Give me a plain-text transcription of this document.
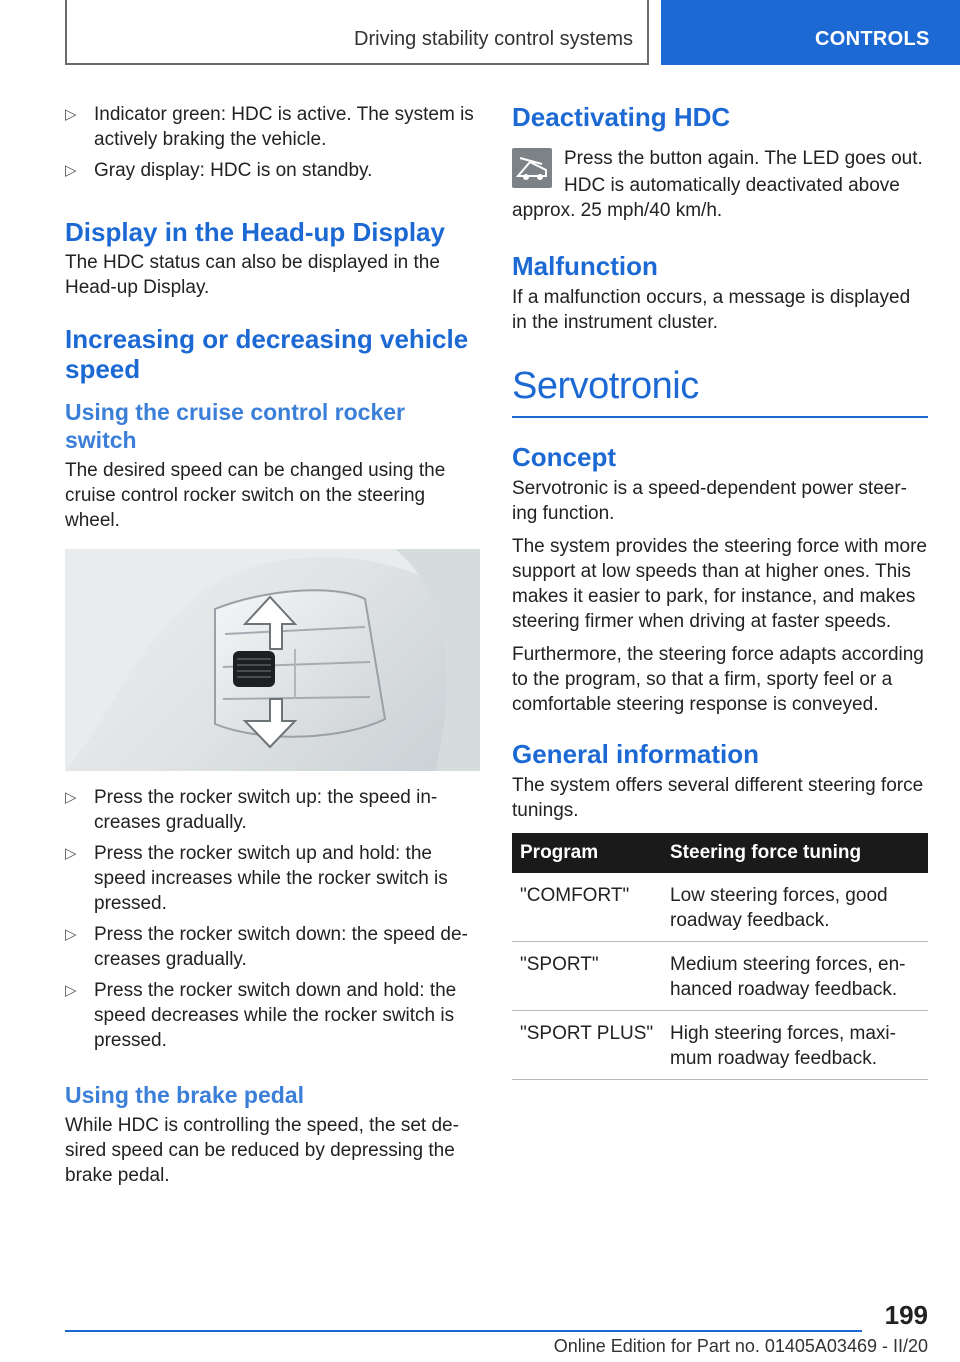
Driving stability control systems	CONTROLS
▷ Indicator green: HDC is active. The system is actively braking the vehicle.
▷ Gray display: HDC is on standby.
Display in the Head-up Display

The HDC status can also be displayed in the Head-up Display.

Increasing or decreasing vehicle speed
Using the cruise control rocker switch

The desired speed can be changed using the cruise control rocker switch on the steering wheel.

▷ Press the rocker switch up: the speed in-creases gradually.
▷ Press the rocker switch up and hold: the speed increases while the rocker switch is pressed.
▷ Press the rocker switch down: the speed de-creases gradually.
▷ Press the rocker switch down and hold: the speed decreases while the rocker switch is pressed.
Using the brake pedal

While HDC is controlling the speed, the set de-sired speed can be reduced by depressing the brake pedal.

Deactivating HDC

Press the button again. The LED goes out.

HDC is automatically deactivated above approx. 25 mph/40 km/h.

Malfunction

If a malfunction occurs, a message is displayed in the instrument cluster.

Servotronic
Concept

Servotronic is a speed-dependent power steer-ing function.

The system provides the steering force with more support at low speeds than at higher ones. This makes it easier to park, for instance, and makes steering firmer when driving at faster speeds.

Furthermore, the steering force adapts according to the program, so that a firm, sporty feel or a comfortable steering response is conveyed.

General information

The system offers several different steering force tunings.

Program	Steering force tuning
"COMFORT"	Low steering forces, good roadway feedback.
"SPORT"	Medium steering forces, en-hanced roadway feedback.
"SPORT PLUS"	High steering forces, maxi-mum roadway feedback.
199
Online Edition for Part no. 01405A03469 - II/20
